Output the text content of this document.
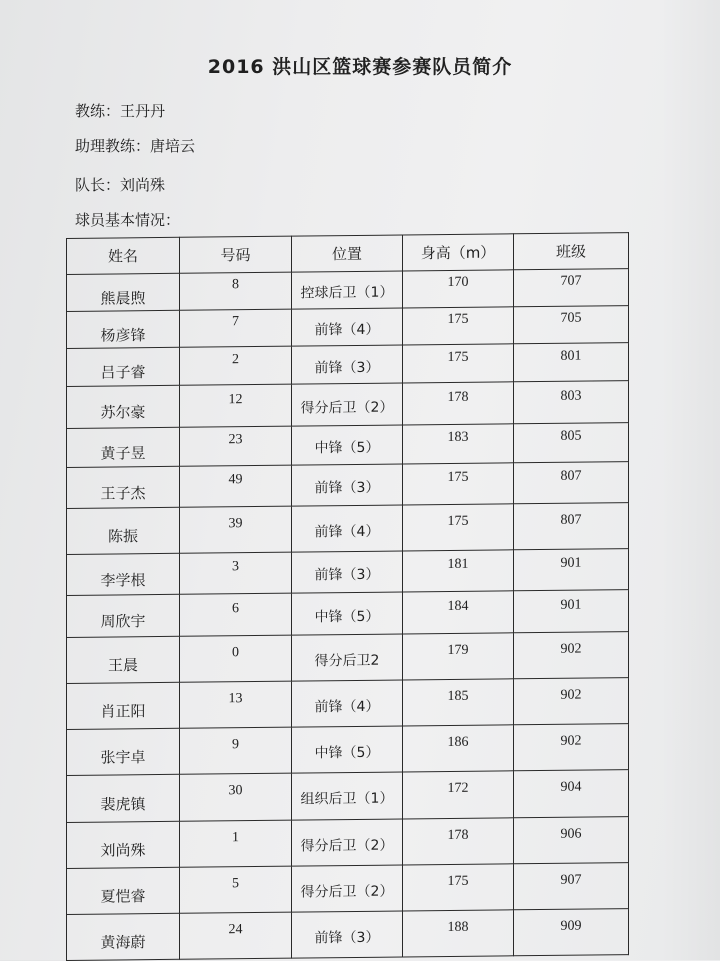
2016 洪山区篮球赛参赛队员简介
教练：王丹丹
助理教练：唐培云
队长：刘尚殊
球员基本情况：
姓名	号码	位置	身高（m）	班级
熊晨煦	8	控球后卫（1）	170	707
杨彦锋	7	前锋（4）	175	705
吕子睿	2	前锋（3）	175	801
苏尔豪	12	得分后卫（2）	178	803
黄子昱	23	中锋（5）	183	805
王子杰	49	前锋（3）	175	807
陈振	39	前锋（4）	175	807
李学根	3	前锋（3）	181	901
周欣宇	6	中锋（5）	184	901
王晨	0	得分后卫2	179	902
肖正阳	13	前锋（4）	185	902
张宇卓	9	中锋（5）	186	902
裴虎镇	30	组织后卫（1）	172	904
刘尚殊	1	得分后卫（2）	178	906
夏恺睿	5	得分后卫（2）	175	907
黄海蔚	24	前锋（3）	188	909
